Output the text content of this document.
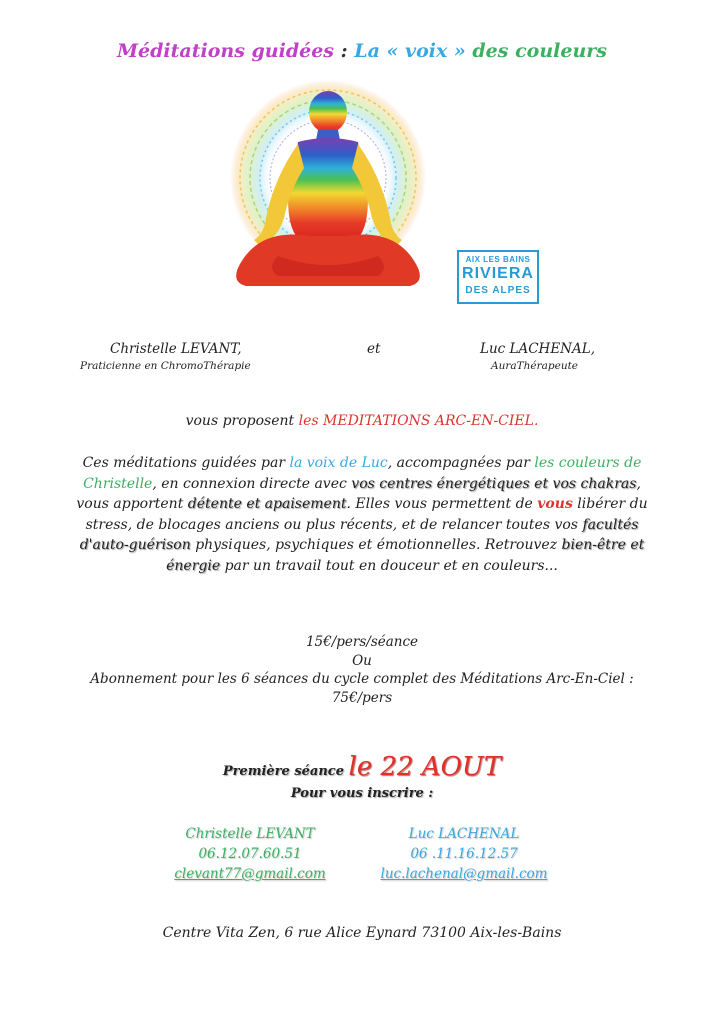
Méditations guidées : La « voix » des couleurs
AIX LES BAINS
RIVIERA
DES ALPES
Christelle LEVANT,
Praticienne en ChromoThérapie
et	Luc LACHENAL,
AuraThérapeute
vous proposent les MEDITATIONS ARC-EN-CIEL.
Ces méditations guidées par la voix de Luc, accompagnées par les couleurs de Christelle, en connexion directe avec vos centres énergétiques et vos chakras, vous apportent détente et apaisement. Elles vous permettent de vous libérer du stress, de blocages anciens ou plus récents, et de relancer toutes vos facultés d'auto-guérison physiques, psychiques et émotionnelles. Retrouvez bien-être et énergie par un travail tout en douceur et en couleurs...
15€/pers/séance
Ou
Abonnement pour les 6 séances du cycle complet des Méditations Arc-En-Ciel : 75€/pers
Première séance le 22 AOUT
Pour vous inscrire :
Christelle LEVANT
06.12.07.60.51
clevant77@gmail.com
Luc LACHENAL
06 .11.16.12.57
luc.lachenal@gmail.com
Centre Vita Zen, 6 rue Alice Eynard 73100 Aix-les-Bains
